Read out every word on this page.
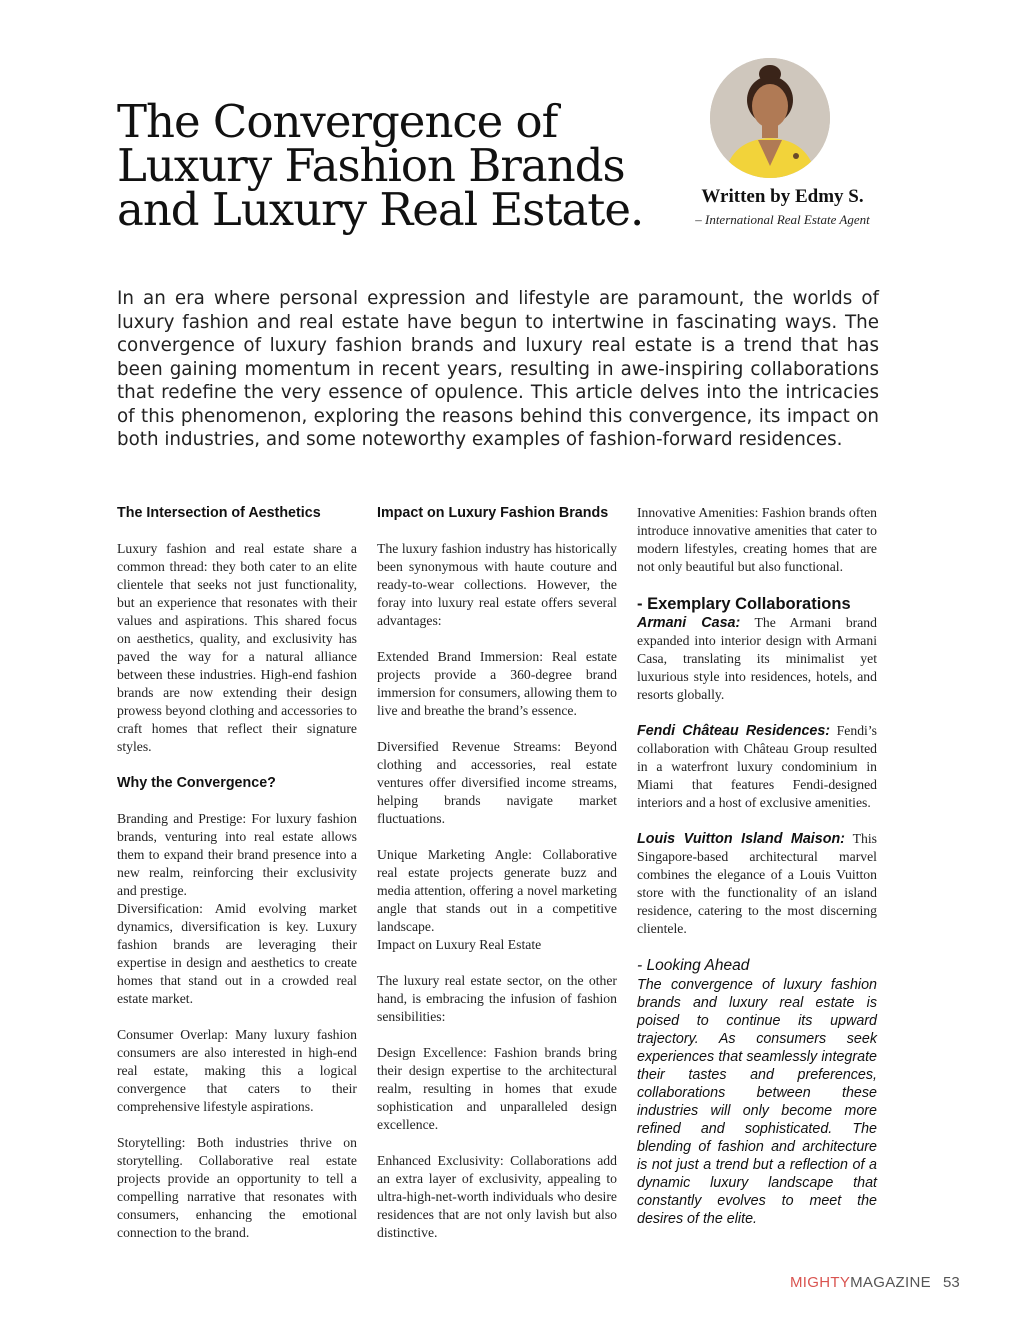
The Convergence of
Luxury Fashion Brands
and Luxury Real Estate.	Written by Edmy S.
– International Real Estate Agent
In an era where personal expression and lifestyle are paramount, the worlds of luxury fashion and real estate have begun to intertwine in fascinating ways. The convergence of luxury fashion brands and luxury real estate is a trend that has been gaining momentum in recent years, resulting in awe-inspiring collaborations that redefine the very essence of opulence. This article delves into the intricacies of this phenomenon, exploring the reasons behind this convergence, its impact on both industries, and some noteworthy examples of fashion-forward residences.
The Intersection of Aesthetics

Luxury fashion and real estate share a common thread: they both cater to an elite clientele that seeks not just functionality, but an experience that resonates with their values and aspirations. This shared focus on aesthetics, quality, and exclusivity has paved the way for a natural alliance between these industries. High-end fashion brands are now extending their design prowess beyond clothing and accessories to craft homes that reflect their signature styles.

Why the Convergence?

Branding and Prestige: For luxury fashion brands, venturing into real estate allows them to expand their brand presence into a new realm, reinforcing their exclusivity and prestige.

Diversification: Amid evolving market dynamics, diversification is key. Luxury fashion brands are leveraging their expertise in design and aesthetics to create homes that stand out in a crowded real estate market.

Consumer Overlap: Many luxury fashion consumers are also interested in high-end real estate, making this a logical convergence that caters to their comprehensive lifestyle aspirations.

Storytelling: Both industries thrive on storytelling. Collaborative real estate projects provide an opportunity to tell a compelling narrative that resonates with consumers, enhancing the emotional connection to the brand.

Impact on Luxury Fashion Brands

The luxury fashion industry has historically been synonymous with haute couture and ready-to-wear collections. However, the foray into luxury real estate offers several advantages:

Extended Brand Immersion: Real estate projects provide a 360-degree brand immersion for consumers, allowing them to live and breathe the brand’s essence.

Diversified Revenue Streams: Beyond clothing and accessories, real estate ventures offer diversified income streams, helping brands navigate market fluctuations.

Unique Marketing Angle: Collaborative real estate projects generate buzz and media attention, offering a novel marketing angle that stands out in a competitive landscape.

Impact on Luxury Real Estate

The luxury real estate sector, on the other hand, is embracing the infusion of fashion sensibilities:

Design Excellence: Fashion brands bring their design expertise to the architectural realm, resulting in homes that exude sophistication and unparalleled design excellence.

Enhanced Exclusivity: Collaborations add an extra layer of exclusivity, appealing to ultra-high-net-worth individuals who desire residences that are not only lavish but also distinctive.

Innovative Amenities: Fashion brands often introduce innovative amenities that cater to modern lifestyles, creating homes that are not only beautiful but also functional.

- Exemplary Collaborations

Armani Casa: The Armani brand expanded into interior design with Armani Casa, translating its minimalist yet luxurious style into residences, hotels, and resorts globally.

Fendi Château Residences: Fendi’s collaboration with Château Group resulted in a waterfront luxury condominium in Miami that features Fendi-designed interiors and a host of exclusive amenities.

Louis Vuitton Island Maison: This Singapore-based architectural marvel combines the elegance of a Louis Vuitton store with the functionality of an island residence, catering to the most discerning clientele.

- Looking Ahead

The convergence of luxury fashion brands and luxury real estate is poised to continue its upward trajectory. As consumers seek experiences that seamlessly integrate their tastes and preferences, collaborations between these industries will only become more refined and sophisticated. The blending of fashion and architecture is not just a trend but a reflection of a dynamic luxury landscape that constantly evolves to meet the desires of the elite.

MIGHTYMAGAZINE 53
